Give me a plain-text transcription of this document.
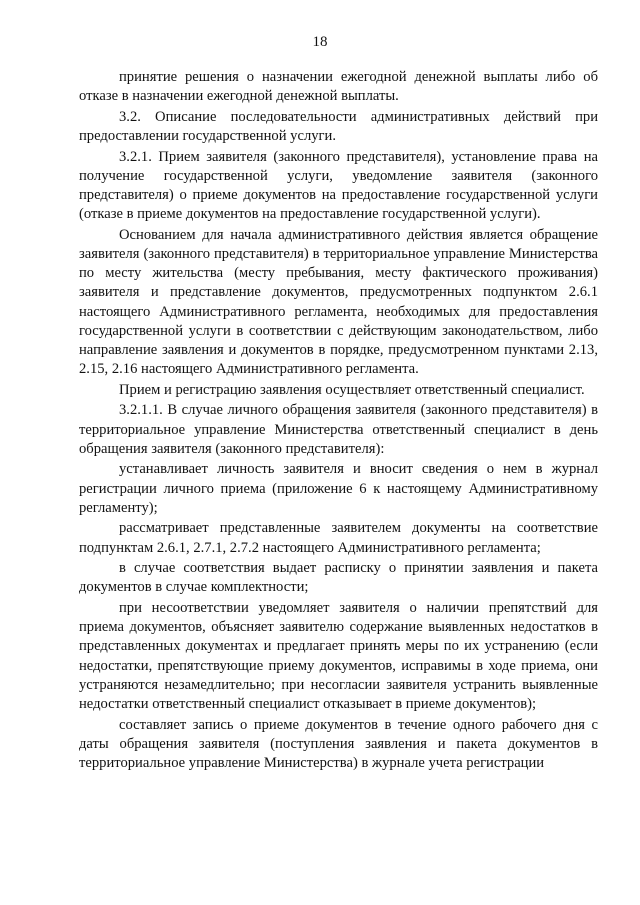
18

принятие решения о назначении ежегодной денежной выплаты либо об отказе в назначении ежегодной денежной выплаты.

3.2. Описание последовательности административных действий при предоставлении государственной услуги.

3.2.1. Прием заявителя (законного представителя), установление права на получение государственной услуги, уведомление заявителя (законного представителя) о приеме документов на предоставление государственной услуги (отказе в приеме документов на предоставление государственной услуги).

Основанием для начала административного действия является обращение заявителя (законного представителя) в территориальное управление Министерства по месту жительства (месту пребывания, месту фактического проживания) заявителя и представление документов, предусмотренных подпунктом 2.6.1 настоящего Административного регламента, необходимых для предоставления государственной услуги в соответствии с действующим законодательством, либо направление заявления и документов в порядке, предусмотренном пунктами 2.13, 2.15, 2.16 настоящего Административного регламента.

Прием и регистрацию заявления осуществляет ответственный специалист.

3.2.1.1. В случае личного обращения заявителя (законного представителя) в территориальное управление Министерства ответственный специалист в день обращения заявителя (законного представителя):

устанавливает личность заявителя и вносит сведения о нем в журнал регистрации личного приема (приложение 6 к настоящему Административному регламенту);

рассматривает представленные заявителем документы на соответствие подпунктам 2.6.1, 2.7.1, 2.7.2 настоящего Административного регламента;

в случае соответствия выдает расписку о принятии заявления и пакета документов в случае комплектности;

при несоответствии уведомляет заявителя о наличии препятствий для приема документов, объясняет заявителю содержание выявленных недостатков в представленных документах и предлагает принять меры по их устранению (если недостатки, препятствующие приему документов, исправимы в ходе приема, они устраняются незамедлительно; при несогласии заявителя устранить выявленные недостатки ответственный специалист отказывает в приеме документов);

составляет запись о приеме документов в течение одного рабочего дня с даты обращения заявителя (поступления заявления и пакета документов в территориальное управление Министерства) в журнале учета регистрации
